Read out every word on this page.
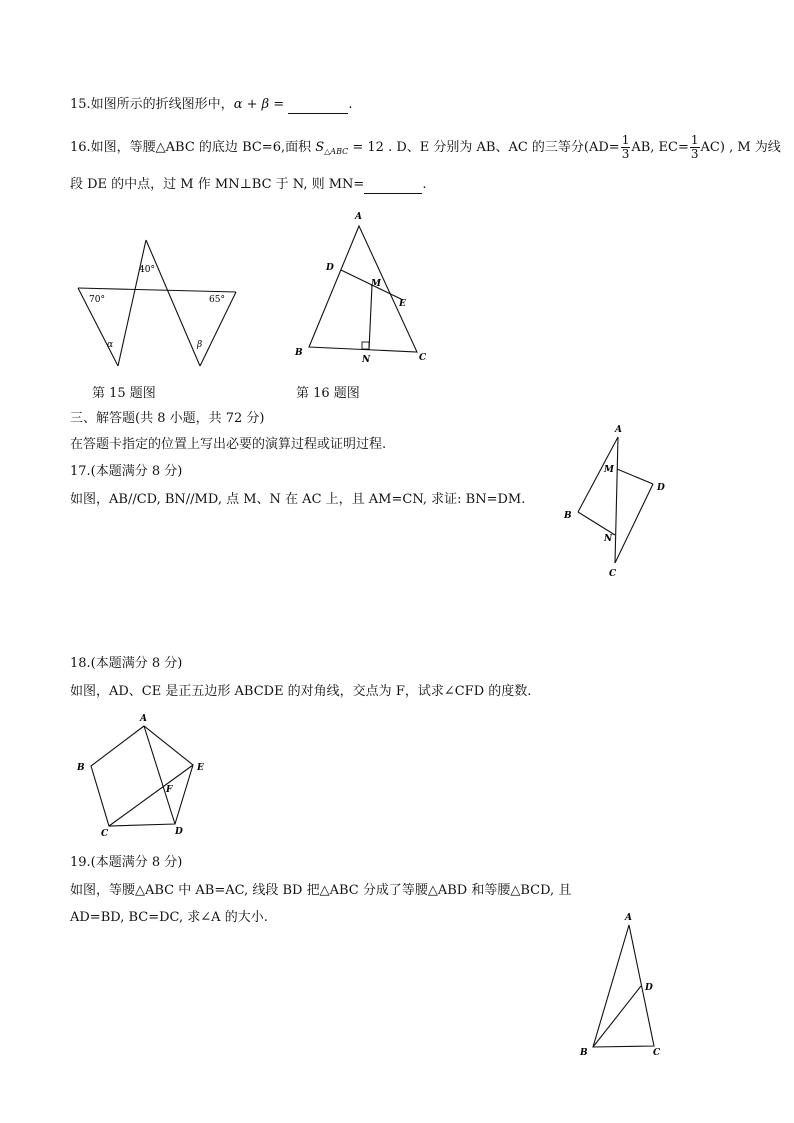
15.如图所示的折线图形中，α + β =	.
16.如图，等腰△ABC 的底边 BC=6,面积 $S_{\triangle ABC} = 12$ . D、E 分别为 AB、AC 的三等分($AD= \frac{1}{3}$ AB, $EC= \frac{1}{3} AC$) , M 为线
段 DE 的中点，过 M 作 MN⊥BC 于 N, 则 MN=	.
40°
70°	65°
α	β
第 15 题图
A
D
M
E
B
N	C
第 16 题图
三、解答题(共 8 小题，共 72 分)
在答题卡指定的位置上写出必要的演算过程或证明过程.
17.(本题满分 8 分)
如图，AB//CD, BN//MD, 点 M、N 在 AC 上，且 AM=CN, 求证: BN=DM.
A
M
D
B
N
C
18.(本题满分 8 分)
如图，AD、CE 是正五边形 ABCDE 的对角线，交点为 F，试求∠CFD 的度数.
A
B	E
F
C	D
19.(本题满分 8 分)
如图，等腰△ABC 中 AB=AC, 线段 BD 把△ABC 分成了等腰△ABD 和等腰△BCD, 且
AD=BD, BC=DC, 求∠A 的大小.	A
D
B	C
